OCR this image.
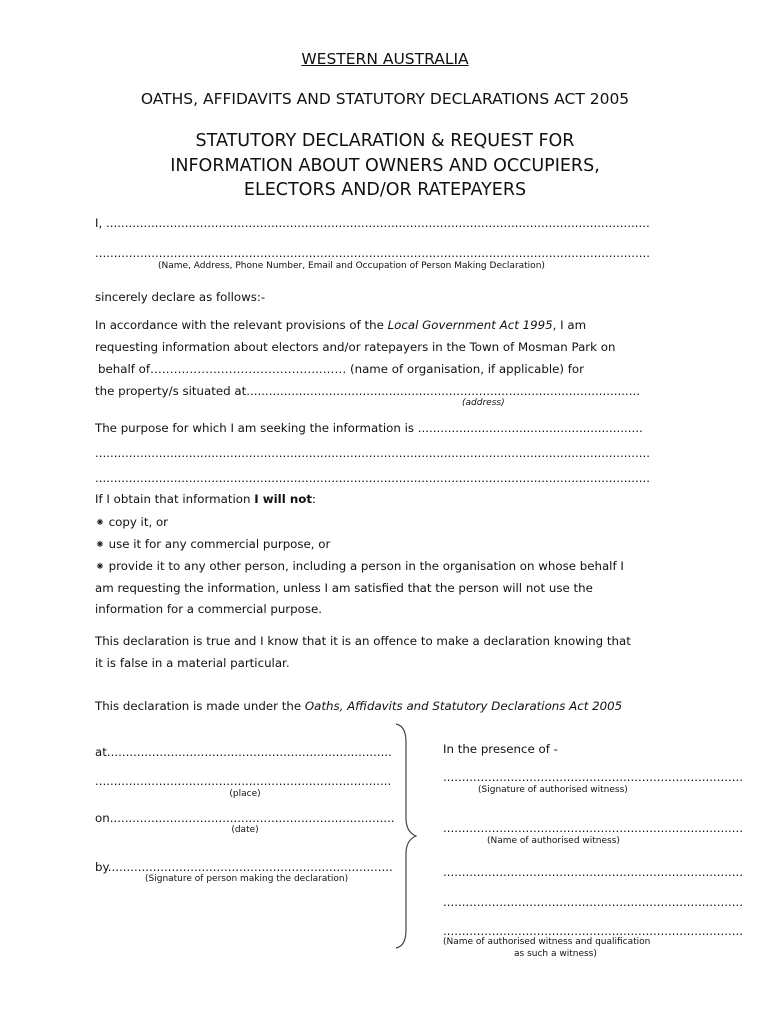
WESTERN AUSTRALIA
OATHS, AFFIDAVITS AND STATUTORY DECLARATIONS ACT 2005
STATUTORY DECLARATION & REQUEST FOR
INFORMATION ABOUT OWNERS AND OCCUPIERS,
ELECTORS AND/OR RATEPAYERS
I, .................................................................................................................................................
....................................................................................................................................................
(Name, Address, Phone Number, Email and Occupation of Person Making Declaration)
sincerely declare as follows:-
In accordance with the relevant provisions of the Local Government Act 1995, I am
requesting information about electors and/or ratepayers in the Town of Mosman Park on
behalf of……………………………………..…… (name of organisation, if applicable) for
the property/s situated at.........................................................................................................
(address)
The purpose for which I am seeking the information is ............................................................
....................................................................................................................................................
....................................................................................................................................................
If I obtain that information I will not:
⁕ copy it, or
⁕ use it for any commercial purpose, or
⁕ provide it to any other person, including a person in the organisation on whose behalf I
am requesting the information, unless I am satisfied that the person will not use the
information for a commercial purpose.
This declaration is true and I know that it is an offence to make a declaration knowing that
it is false in a material particular.
This declaration is made under the Oaths, Affidavits and Statutory Declarations Act 2005
at............................................................................
...............................................................................
(place)
on............................................................................
(date)
by............................................................................
(Signature of person making the declaration)
In the presence of -
................................................................................
(Signature of authorised witness)
................................................................................
(Name of authorised witness)
................................................................................
................................................................................
................................................................................
(Name of authorised witness and qualification
as such a witness)
